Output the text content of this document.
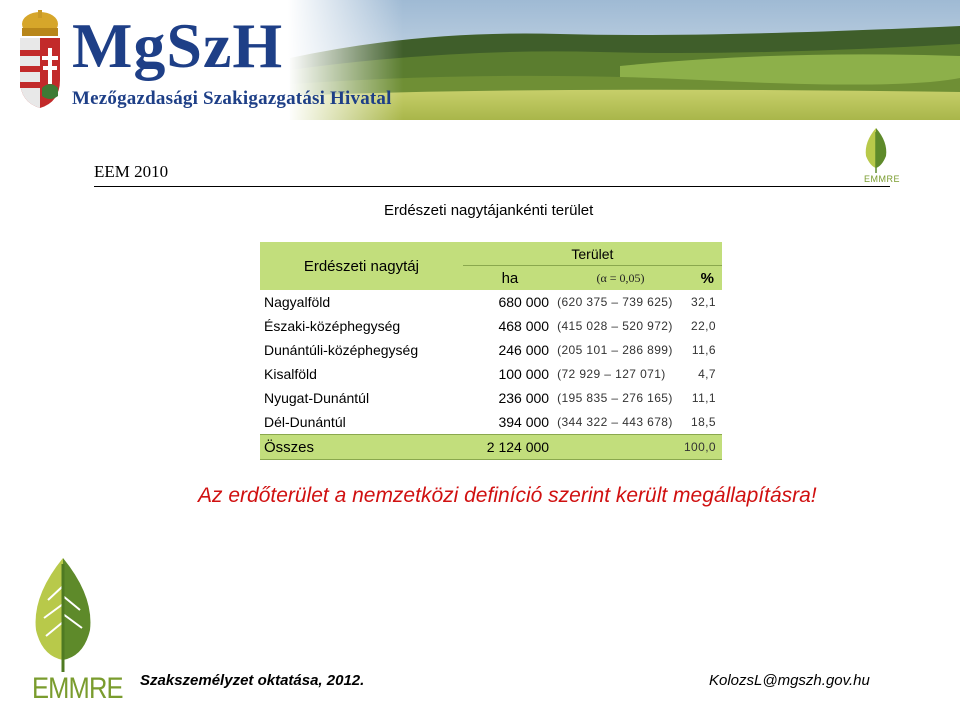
MgSzH
Mezőgazdasági Szakigazgatási Hivatal
EEM 2010	EMMRE
Erdészeti nagytájankénti terület
Erdészeti nagytáj	Terület		
	ha	(α = 0,05)	%
Nagyalföld	680 000	(620 375 – 739 625)	32,1
Északi-középhegység	468 000	(415 028 – 520 972)	22,0
Dunántúli-középhegység	246 000	(205 101 – 286 899)	11,6
Kisalföld	100 000	(72 929 – 127 071)	4,7
Nyugat-Dunántúl	236 000	(195 835 – 276 165)	11,1
Dél-Dunántúl	394 000	(344 322 – 443 678)	18,5
Összes	2 124 000		100,0
Az erdőterület a nemzetközi definíció szerint került megállapításra!
EMMRE Szakszemélyzet oktatása, 2012.	KolozsL@mgszh.gov.hu
